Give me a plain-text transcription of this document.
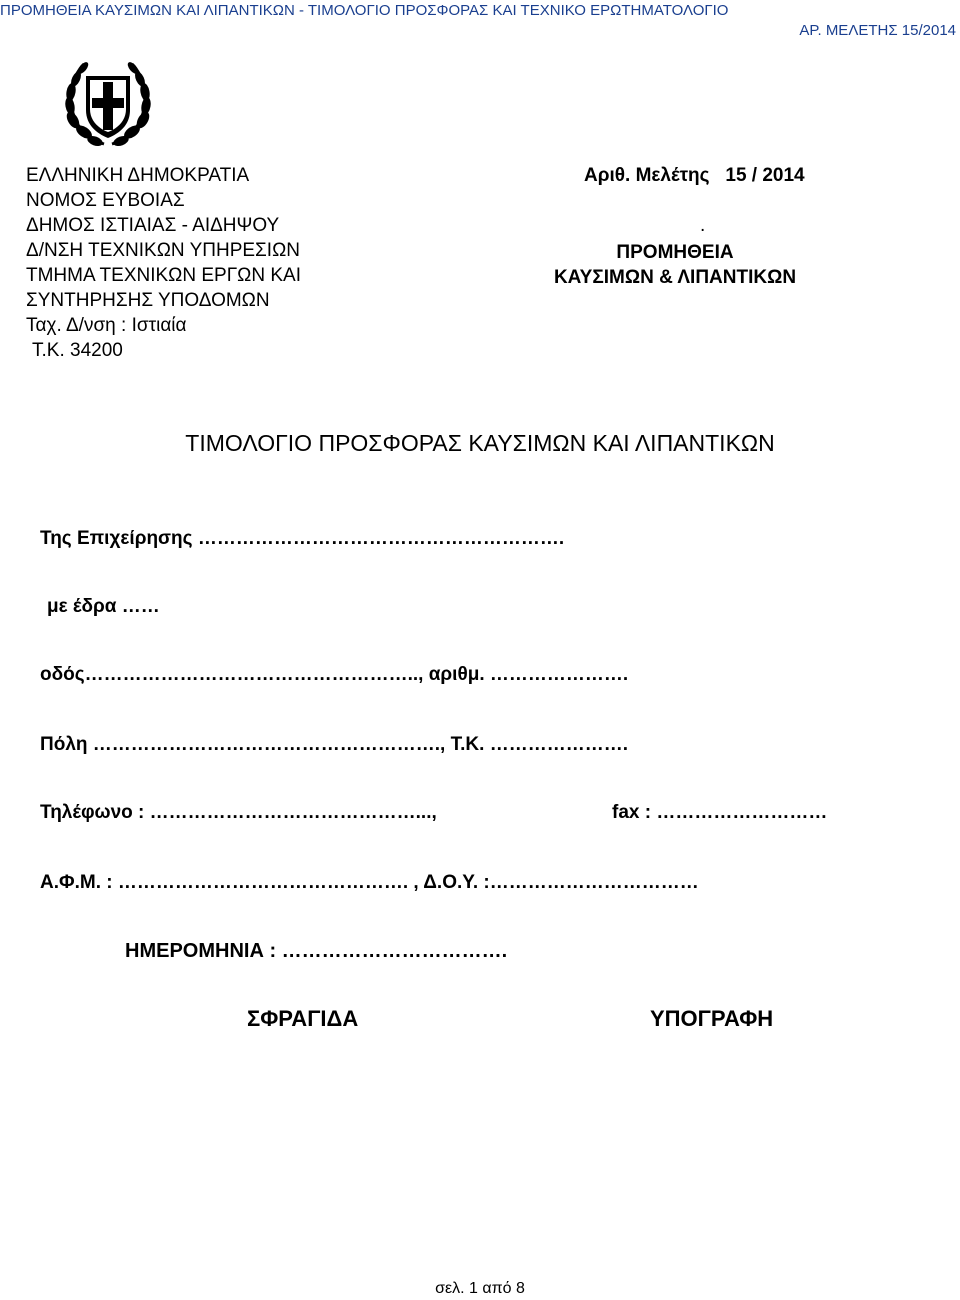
ΠΡΟΜΗΘΕΙΑ ΚΑΥΣΙΜΩΝ ΚΑΙ ΛΙΠΑΝΤΙΚΩΝ - ΤΙΜΟΛΟΓΙΟ ΠΡΟΣΦΟΡΑΣ ΚΑΙ ΤΕΧΝΙΚΟ ΕΡΩΤΗΜΑΤΟΛΟΓΙΟ
ΑΡ. ΜΕΛΕΤΗΣ 15/2014
ΕΛΛΗΝΙΚΗ ΔΗΜΟΚΡΑΤΙΑ
ΝΟΜΟΣ ΕΥΒΟΙΑΣ
ΔΗΜΟΣ ΙΣΤΙΑΙΑΣ - ΑΙΔΗΨΟΥ
Δ/ΝΣΗ ΤΕΧΝΙΚΩΝ ΥΠΗΡΕΣΙΩΝ
ΤΜΗΜΑ ΤΕΧΝΙΚΩΝ ΕΡΓΩΝ ΚΑΙ
ΣΥΝΤΗΡΗΣΗΣ ΥΠΟΔΟΜΩΝ
Ταχ. Δ/νση : Ιστιαία
Τ.Κ. 34200
Αριθ. Μελέτης 15 / 2014
.
ΠΡΟΜΗΘΕΙΑ
ΚΑΥΣΙΜΩΝ & ΛΙΠΑΝΤΙΚΩΝ
ΤΙΜΟΛΟΓΙΟ ΠΡΟΣΦΟΡΑΣ ΚΑΥΣΙΜΩΝ ΚΑΙ ΛΙΠΑΝΤΙΚΩΝ
Της Επιχείρησης ………………………………………………….
με έδρα ……
οδός…………………………………………….., αριθμ. ………………….
Πόλη ………………………………………………., Τ.Κ. ………………….
Τηλέφωνο : ……………………………………...,	fax : ………………………
Α.Φ.Μ. : ………………………………………. , Δ.Ο.Υ. :……………………………
ΗΜΕΡΟΜΗΝΙΑ : …………………………….
ΣΦΡΑΓΙΔΑ	ΥΠΟΓΡΑΦΗ
σελ. 1 από 8
